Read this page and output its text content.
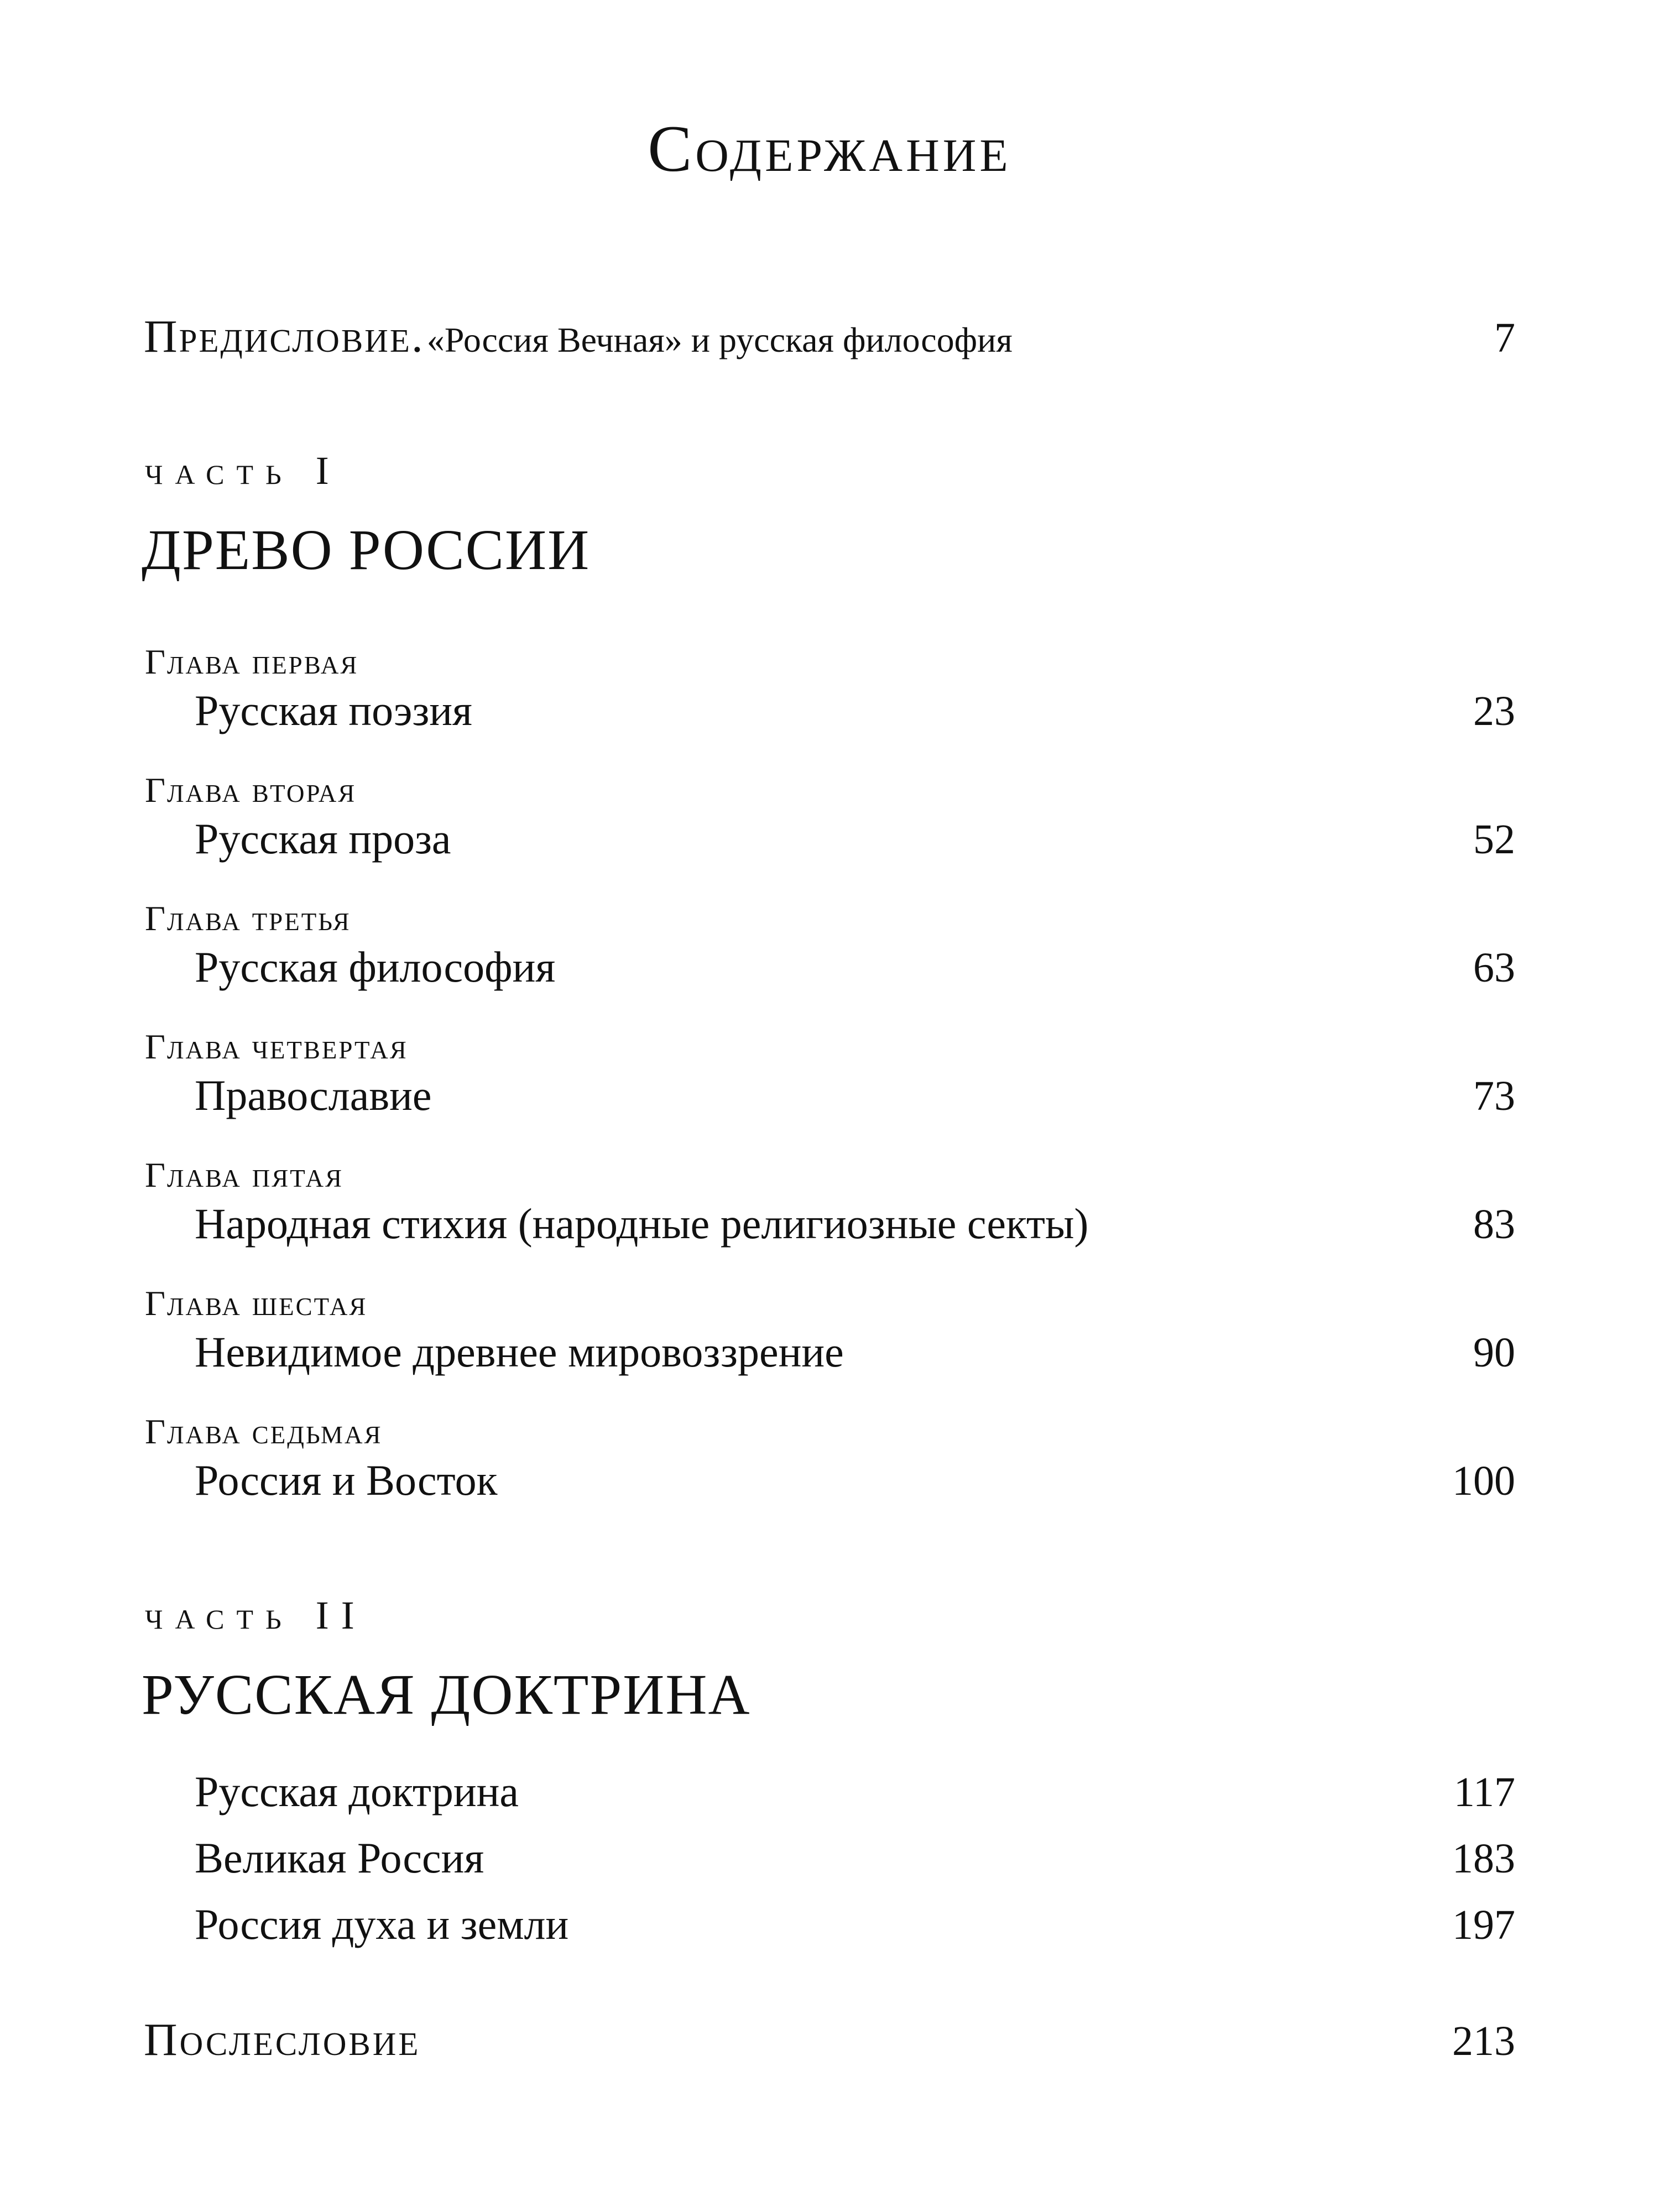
Содержание
Предисловие. «Россия Вечная» и русская философия	7
часть I
ДРЕВО РОССИИ
Глава первая
Русская поэзия	23
Глава вторая
Русская проза	52
Глава третья
Русская философия	63
Глава четвертая
Православие	73
Глава пятая
Народная стихия (народные религиозные секты)	83
Глава шестая
Невидимое древнее мировоззрение	90
Глава седьмая
Россия и Восток	100
часть II
РУССКАЯ ДОКТРИНА
Русская доктрина	117
Великая Россия	183
Россия духа и земли	197
Послесловие	213
